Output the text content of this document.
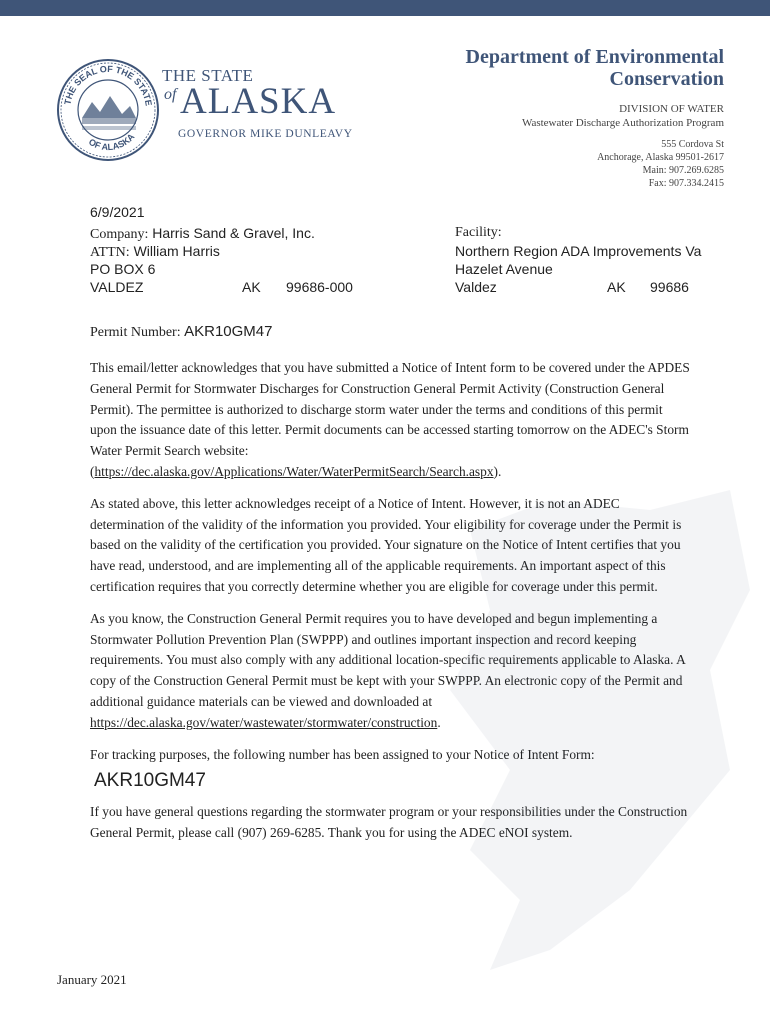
THE SEAL OF THE STATE
OF ALASKA
THE STATE
of ALASKA
GOVERNOR MIKE DUNLEAVY
Department of Environmental
Conservation
DIVISION OF WATER
Wastewater Discharge Authorization Program
555 Cordova St
Anchorage, Alaska 99501-2617
Main: 907.269.6285
Fax: 907.334.2415
6/9/2021
Company: Harris Sand & Gravel, Inc.
ATTN: William Harris
PO BOX 6
VALDEZ	AK 99686-000
Facility:
Northern Region ADA Improvements Va
Hazelet Avenue
Valdez	AK 99686
Permit Number: AKR10GM47

This email/letter acknowledges that you have submitted a Notice of Intent form to be covered under the APDES General Permit for Stormwater Discharges for Construction General Permit Activity (Construction General Permit). The permittee is authorized to discharge storm water under the terms and conditions of this permit upon the issuance date of this letter. Permit documents can be accessed starting tomorrow on the ADEC's Storm Water Permit Search website:
(https://dec.alaska.gov/Applications/Water/WaterPermitSearch/Search.aspx).

As stated above, this letter acknowledges receipt of a Notice of Intent. However, it is not an ADEC determination of the validity of the information you provided. Your eligibility for coverage under the Permit is based on the validity of the certification you provided. Your signature on the Notice of Intent certifies that you have read, understood, and are implementing all of the applicable requirements. An important aspect of this certification requires that you correctly determine whether you are eligible for coverage under this permit.

As you know, the Construction General Permit requires you to have developed and begun implementing a Stormwater Pollution Prevention Plan (SWPPP) and outlines important inspection and record keeping requirements. You must also comply with any additional location-specific requirements applicable to Alaska. A copy of the Construction General Permit must be kept with your SWPPP. An electronic copy of the Permit and additional guidance materials can be viewed and downloaded at https://dec.alaska.gov/water/wastewater/stormwater/construction.

For tracking purposes, the following number has been assigned to your Notice of Intent Form:
AKR10GM47

If you have general questions regarding the stormwater program or your responsibilities under the Construction General Permit, please call (907) 269-6285. Thank you for using the ADEC eNOI system.

January 2021
